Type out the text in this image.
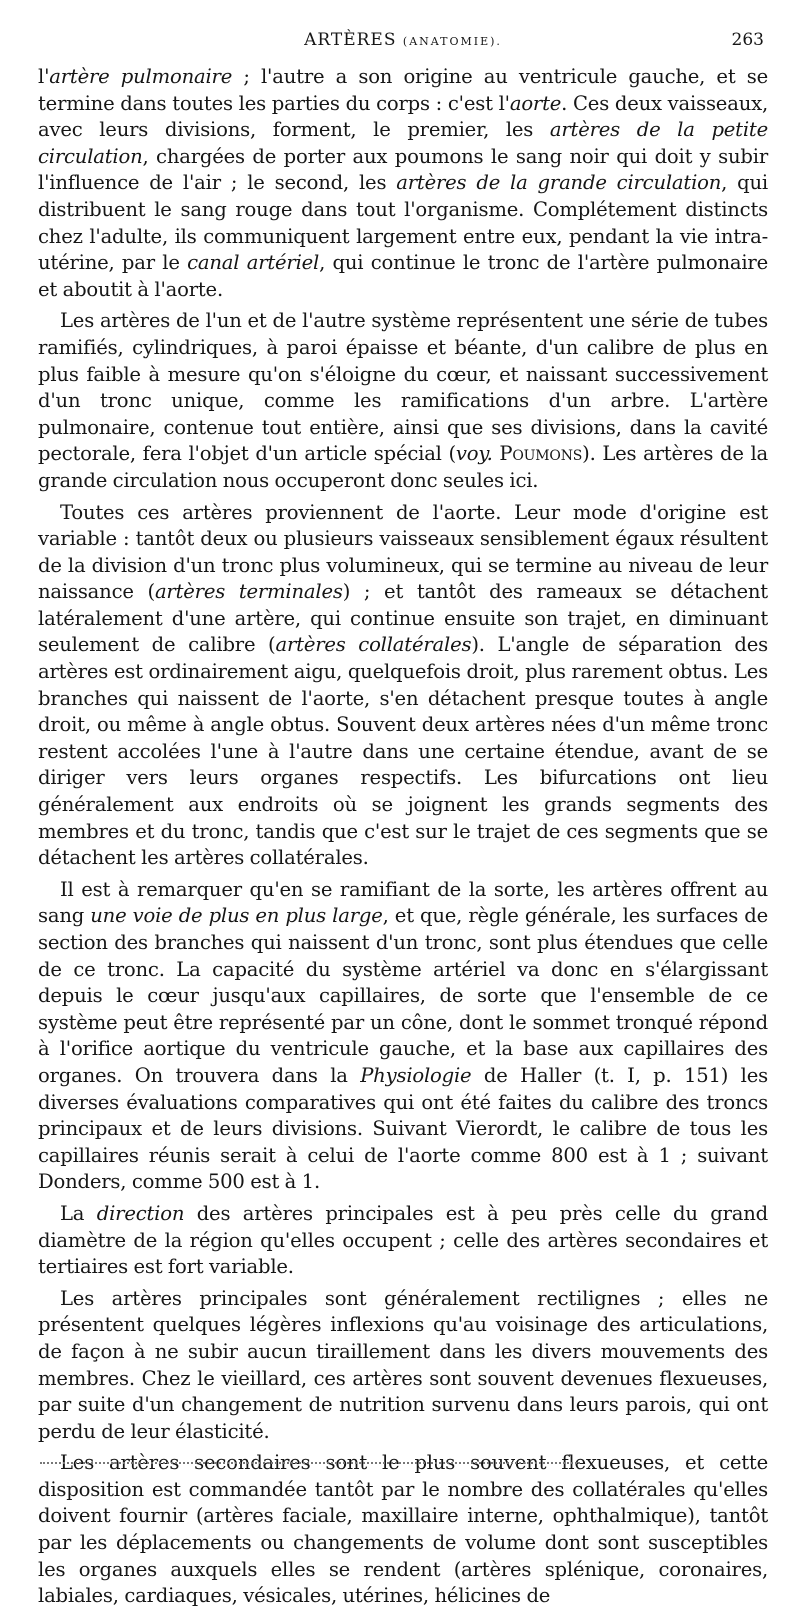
ARTÈRES (ANATOMIE).	263

l'artère pulmonaire ; l'autre a son origine au ventricule gauche, et se termine dans toutes les parties du corps : c'est l'aorte. Ces deux vaisseaux, avec leurs divisions, forment, le premier, les artères de la petite circulation, chargées de porter aux poumons le sang noir qui doit y subir l'influence de l'air ; le second, les artères de la grande circulation, qui distribuent le sang rouge dans tout l'organisme. Complétement distincts chez l'adulte, ils communiquent largement entre eux, pendant la vie intra-utérine, par le canal artériel, qui continue le tronc de l'artère pulmonaire et aboutit à l'aorte.

Les artères de l'un et de l'autre système représentent une série de tubes ramifiés, cylindriques, à paroi épaisse et béante, d'un calibre de plus en plus faible à mesure qu'on s'éloigne du cœur, et naissant successivement d'un tronc unique, comme les ramifications d'un arbre. L'artère pulmonaire, contenue tout entière, ainsi que ses divisions, dans la cavité pectorale, fera l'objet d'un article spécial (voy. Poumons). Les artères de la grande circulation nous occuperont donc seules ici.

Toutes ces artères proviennent de l'aorte. Leur mode d'origine est variable : tantôt deux ou plusieurs vaisseaux sensiblement égaux résultent de la division d'un tronc plus volumineux, qui se termine au niveau de leur naissance (artères terminales) ; et tantôt des rameaux se détachent latéralement d'une artère, qui continue ensuite son trajet, en diminuant seulement de calibre (artères collatérales). L'angle de séparation des artères est ordinairement aigu, quelquefois droit, plus rarement obtus. Les branches qui naissent de l'aorte, s'en détachent presque toutes à angle droit, ou même à angle obtus. Souvent deux artères nées d'un même tronc restent accolées l'une à l'autre dans une certaine étendue, avant de se diriger vers leurs organes respectifs. Les bifurcations ont lieu généralement aux endroits où se joignent les grands segments des membres et du tronc, tandis que c'est sur le trajet de ces segments que se détachent les artères collatérales.

Il est à remarquer qu'en se ramifiant de la sorte, les artères offrent au sang une voie de plus en plus large, et que, règle générale, les surfaces de section des branches qui naissent d'un tronc, sont plus étendues que celle de ce tronc. La capacité du système artériel va donc en s'élargissant depuis le cœur jusqu'aux capillaires, de sorte que l'ensemble de ce système peut être représenté par un cône, dont le sommet tronqué répond à l'orifice aortique du ventricule gauche, et la base aux capillaires des organes. On trouvera dans la Physiologie de Haller (t. I, p. 151) les diverses évaluations comparatives qui ont été faites du calibre des troncs principaux et de leurs divisions. Suivant Vierordt, le calibre de tous les capillaires réunis serait à celui de l'aorte comme 800 est à 1 ; suivant Donders, comme 500 est à 1.

La direction des artères principales est à peu près celle du grand diamètre de la région qu'elles occupent ; celle des artères secondaires et tertiaires est fort variable.

Les artères principales sont généralement rectilignes ; elles ne présentent quelques légères inflexions qu'au voisinage des articulations, de façon à ne subir aucun tiraillement dans les divers mouvements des membres. Chez le vieillard, ces artères sont souvent devenues flexueuses, par suite d'un changement de nutrition survenu dans leurs parois, qui ont perdu de leur élasticité.

Les artères secondaires sont le plus souvent flexueuses, et cette disposition est commandée tantôt par le nombre des collatérales qu'elles doivent fournir (artères faciale, maxillaire interne, ophthalmique), tantôt par les déplacements ou changements de volume dont sont susceptibles les organes auxquels elles se rendent (artères splénique, coronaires, labiales, cardiaques, vésicales, utérines, hélicines de
